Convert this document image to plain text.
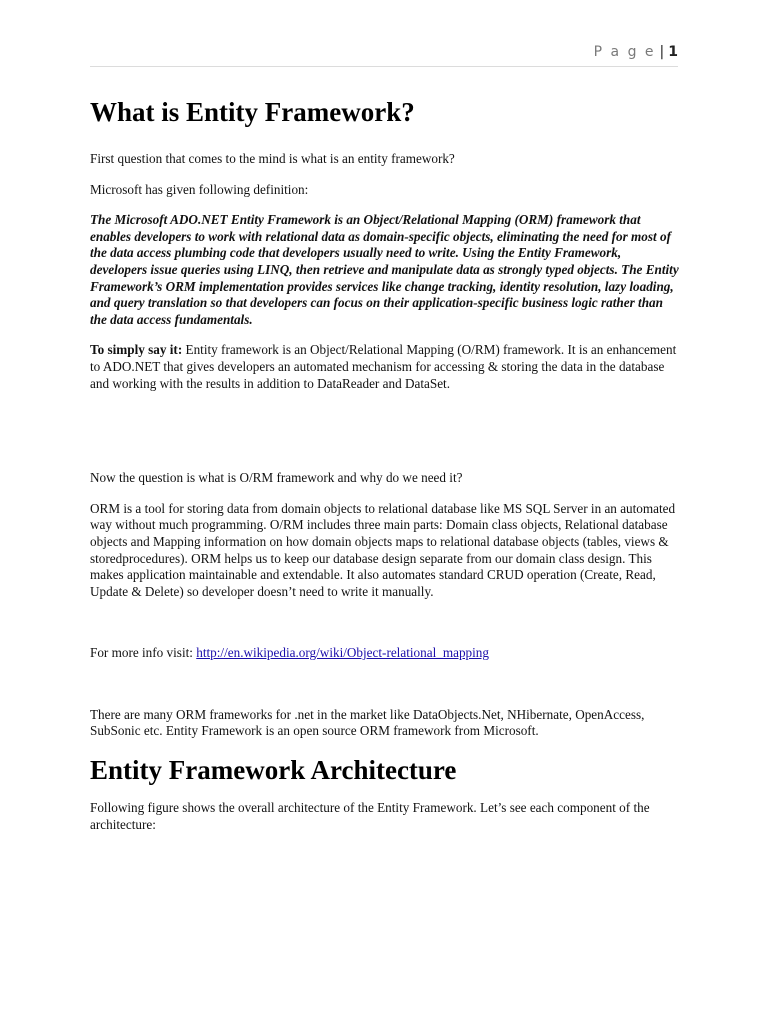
P a g e | 1
What is Entity Framework?

First question that comes to the mind is what is an entity framework?

Microsoft has given following definition:

The Microsoft ADO.NET Entity Framework is an Object/Relational Mapping (ORM) framework that enables developers to work with relational data as domain-specific objects, eliminating the need for most of the data access plumbing code that developers usually need to write. Using the Entity Framework, developers issue queries using LINQ, then retrieve and manipulate data as strongly typed objects. The Entity Framework’s ORM implementation provides services like change tracking, identity resolution, lazy loading, and query translation so that developers can focus on their application-specific business logic rather than the data access fundamentals.

To simply say it: Entity framework is an Object/Relational Mapping (O/RM) framework. It is an enhancement to ADO.NET that gives developers an automated mechanism for accessing & storing the data in the database and working with the results in addition to DataReader and DataSet.

Now the question is what is O/RM framework and why do we need it?

ORM is a tool for storing data from domain objects to relational database like MS SQL Server in an automated way without much programming. O/RM includes three main parts: Domain class objects, Relational database objects and Mapping information on how domain objects maps to relational database objects (tables, views & storedprocedures). ORM helps us to keep our database design separate from our domain class design. This makes application maintainable and extendable. It also automates standard CRUD operation (Create, Read, Update & Delete) so developer doesn’t need to write it manually.

For more info visit: http://en.wikipedia.org/wiki/Object-relational_mapping

There are many ORM frameworks for .net in the market like DataObjects.Net, NHibernate, OpenAccess, SubSonic etc. Entity Framework is an open source ORM framework from Microsoft.

Entity Framework Architecture

Following figure shows the overall architecture of the Entity Framework. Let’s see each component of the architecture:
